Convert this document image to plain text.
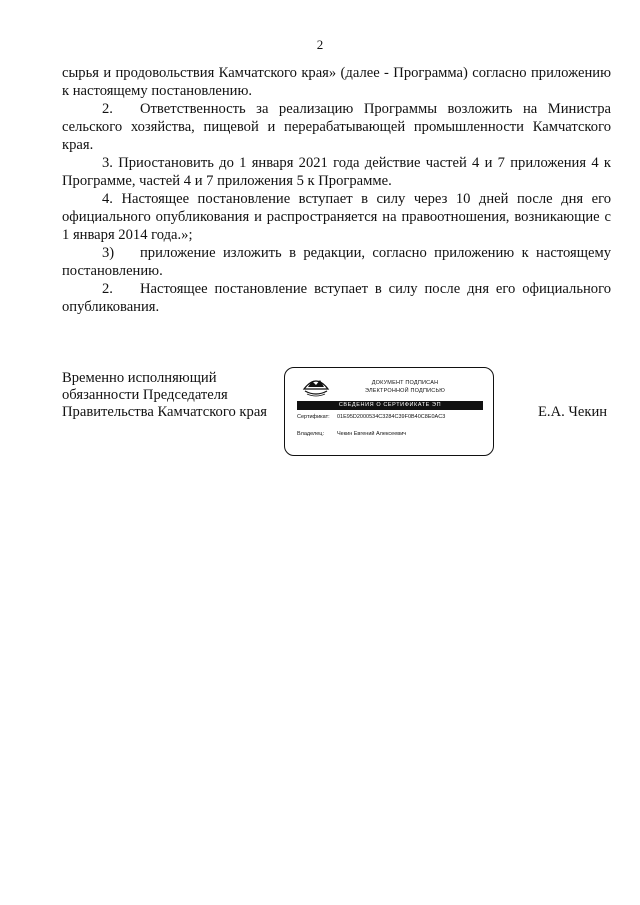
2

сырья и продовольствия Камчатского края» (далее - Программа) согласно приложению к настоящему постановлению.

2. Ответственность за реализацию Программы возложить на Министра сельского хозяйства, пищевой и перерабатывающей промышленности Камчатского края.

3. Приостановить до 1 января 2021 года действие частей 4 и 7 приложения 4 к Программе, частей 4 и 7 приложения 5 к Программе.

4. Настоящее постановление вступает в силу через 10 дней после дня его официального опубликования и распространяется на правоотношения, возникающие с 1 января 2014 года.»;

3) приложение изложить в редакции, согласно приложению к настоящему постановлению.

2. Настоящее постановление вступает в силу после дня его официального опубликования.

Временно исполняющий
обязанности Председателя
Правительства Камчатского края
ДОКУМЕНТ ПОДПИСАН
ЭЛЕКТРОННОЙ ПОДПИСЬЮ
СВЕДЕНИЯ О СЕРТИФИКАТЕ ЭП
Сертификат: 01E95D2000534C3284C39F0B40C8E0AC3
Владелец: Чекин Евгений Алексеевич
Е.А. Чекин
